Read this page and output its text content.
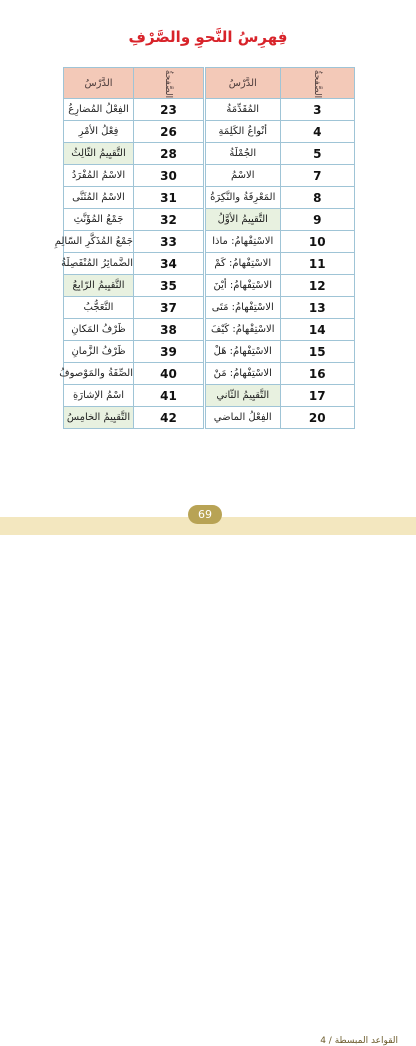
فِهرِسُ النَّحوِ والصَّرْفِ
الصَّفحةُ	الدَّرْسُ
3	المُقَدِّمَةُ
4	أنْواعُ الكَلِمَةِ
5	الجُمْلَةُ
7	الاسْمُ
8	المَعْرِفَةُ والنَّكِرَةُ
9	التَّقيِيمُ الأوَّلُ
10	الاسْتِفْهامُ: ماذا
11	الاسْتِفْهامُ: كَمْ
12	الاسْتِفْهامُ: أيْنَ
13	الاسْتِفْهامُ: مَتَى
14	الاسْتِفْهامُ: كَيْفَ
15	الاسْتِفْهامُ: هَلْ
16	الاسْتِفْهامُ: مَنْ
17	التَّقيِيمُ الثّاني
20	الفِعْلُ الماضي
الصَّفحةُ	الدَّرْسُ
23	الفِعْلُ المُضارِعُ
26	فِعْلُ الأمْرِ
28	التَّقيِيمُ الثّالِثُ
30	الاسْمُ المُفْرَدُ
31	الاسْمُ المُثَنَّى
32	جَمْعُ المُؤَنَّثِ
33	جَمْعُ المُذَكَّرِ السّالِمِ
34	الضَّمائِرُ المُنْفَصِلَةُ
35	التَّقيِيمُ الرّابِعُ
37	التَّعَجُّبُ
38	ظَرْفُ المَكانِ
39	ظَرْفُ الزَّمانِ
40	الصِّفَةُ والمَوْصوفُ
41	اسْمُ الإشارَةِ
42	التَّقيِيمُ الخامِسُ
القواعد المبسطة / 4
69
